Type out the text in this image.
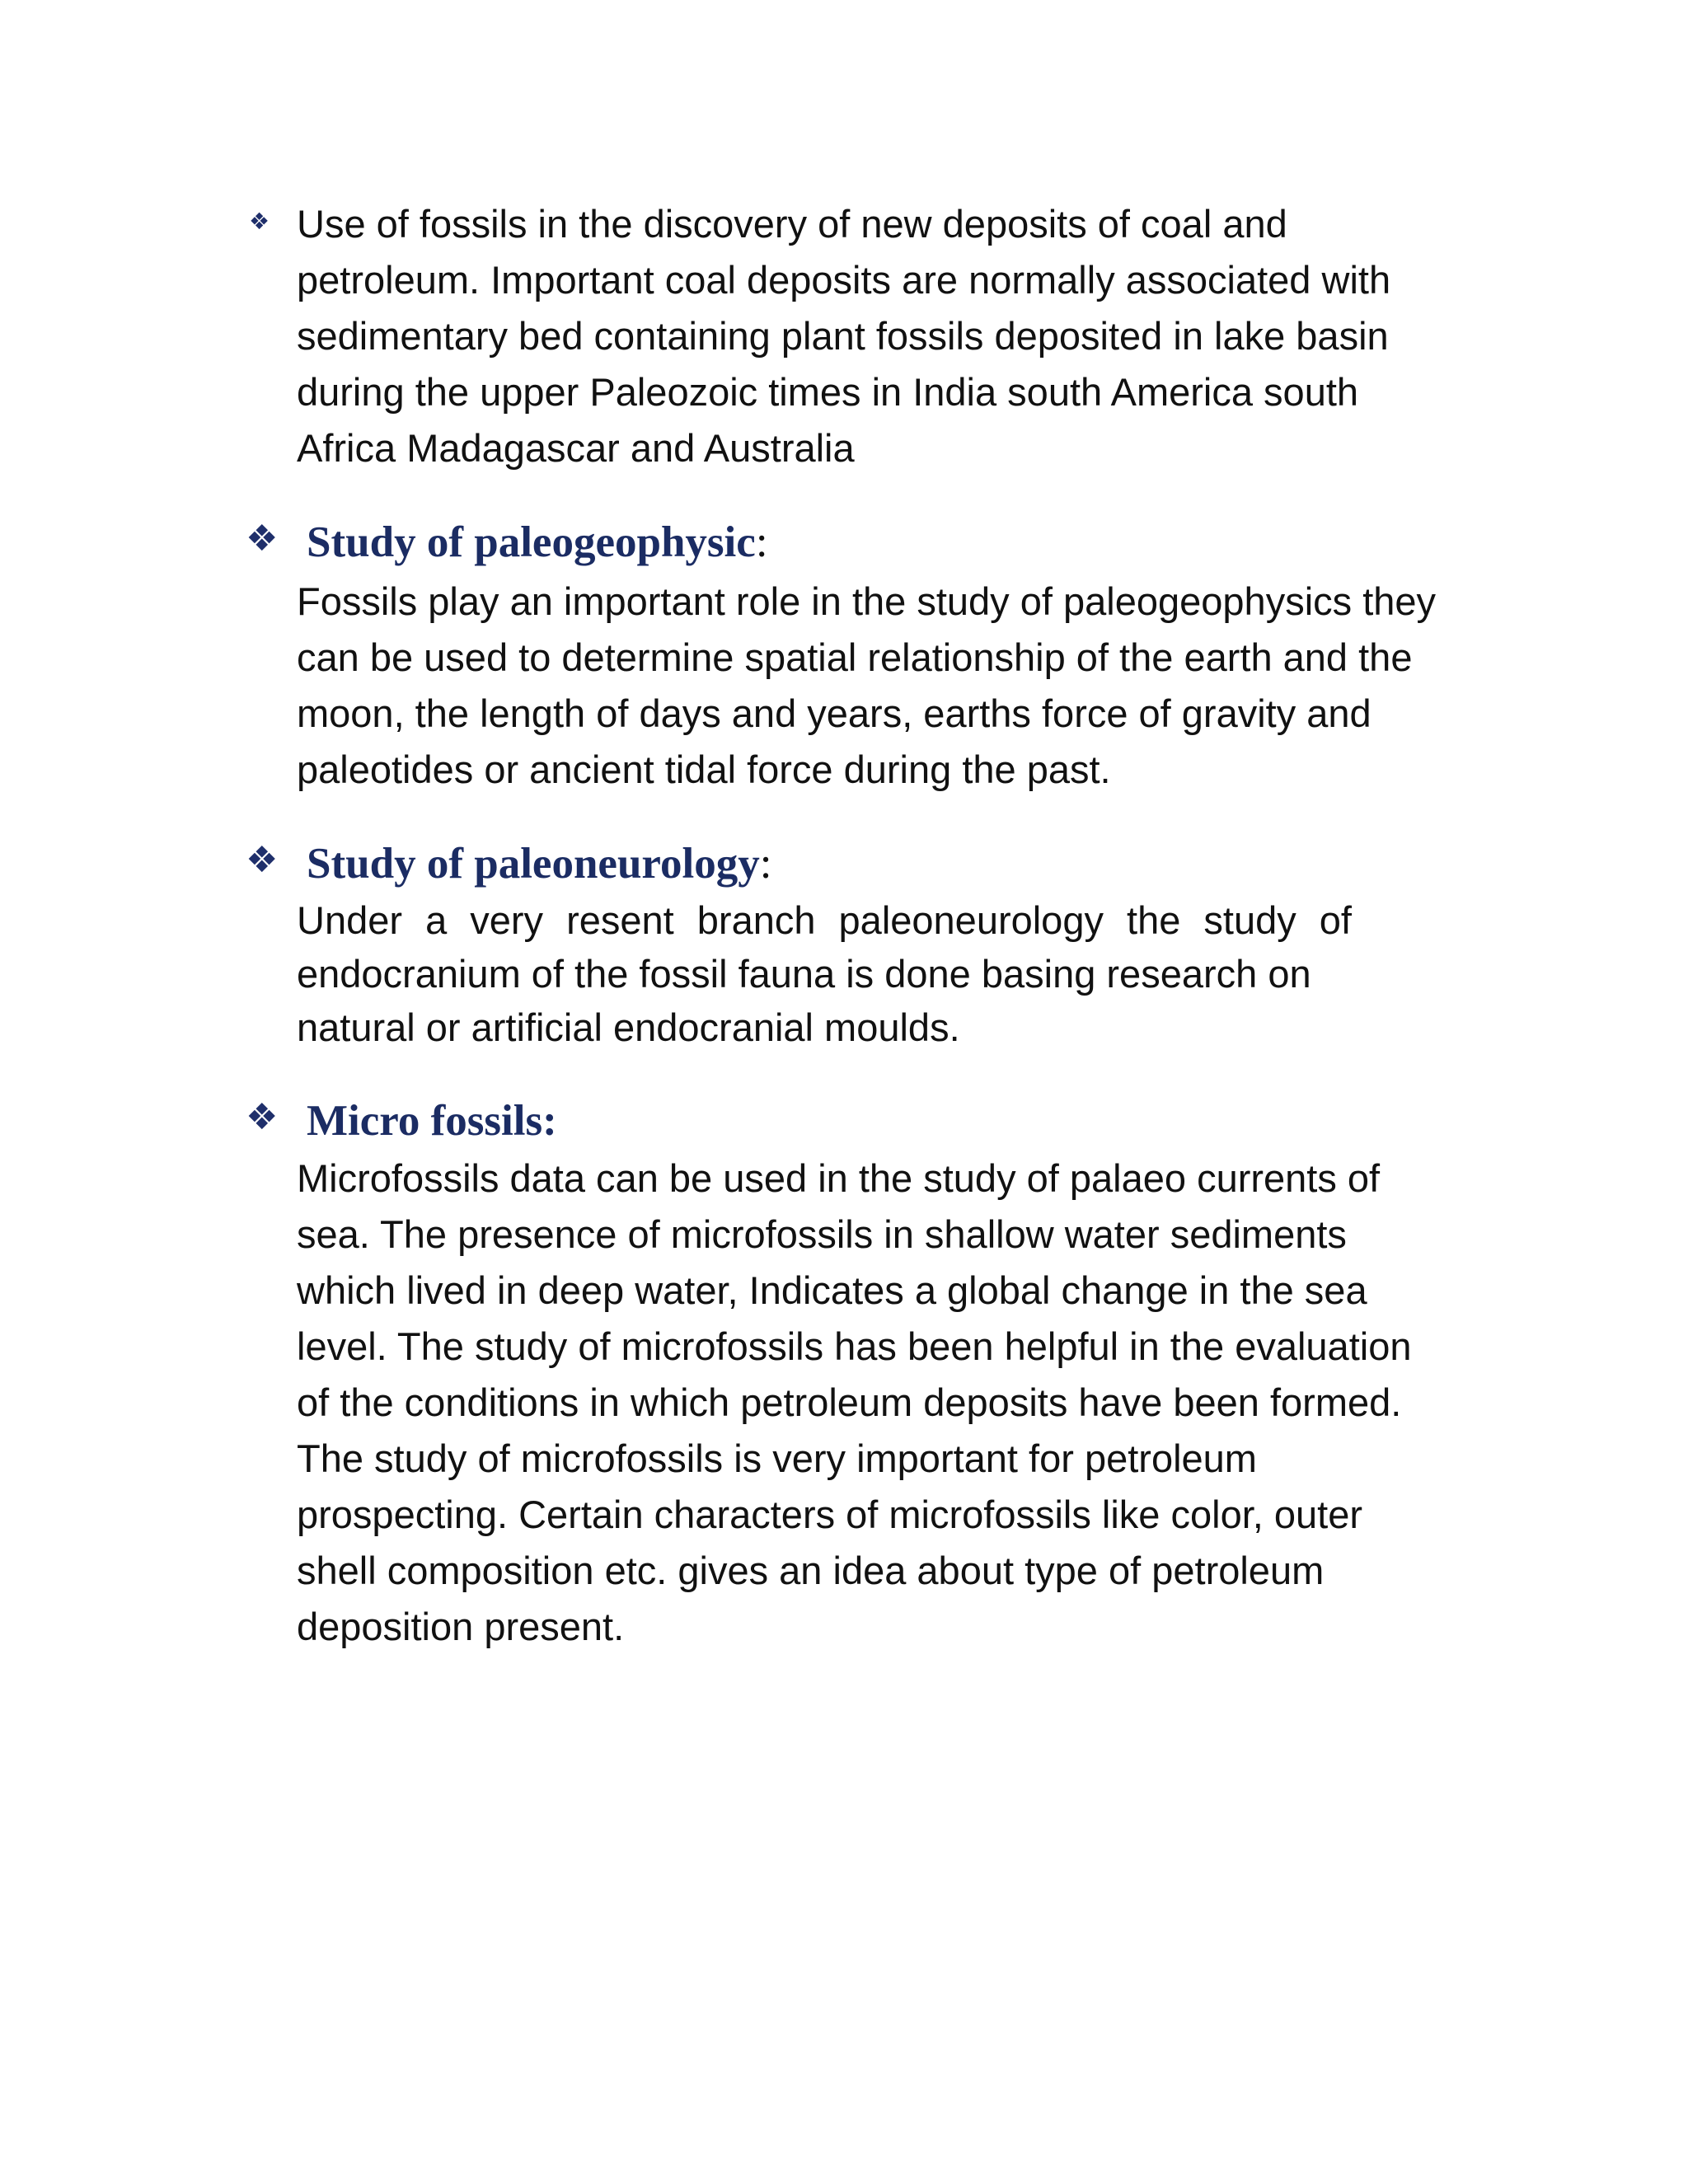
❖ Use of fossils in the discovery of new deposits of coal and
petroleum. Important coal deposits are normally associated with
sedimentary bed containing plant fossils deposited in lake basin
during the upper Paleozoic times in India south America south
Africa Madagascar and Australia
❖ Study of paleogeophysic:
Fossils play an important role in the study of paleogeophysics they
can be used to determine spatial relationship of the earth and the
moon, the length of days and years, earths force of gravity and
paleotides or ancient tidal force during the past.
❖ Study of paleoneurology:
Under a very resent branch paleoneurology the study of
endocranium of the fossil fauna is done basing research on
natural or artificial endocranial moulds.
❖ Micro fossils:
Microfossils data can be used in the study of palaeo currents of
sea. The presence of microfossils in shallow water sediments
which lived in deep water, Indicates a global change in the sea
level. The study of microfossils has been helpful in the evaluation
of the conditions in which petroleum deposits have been formed.
The study of microfossils is very important for petroleum
prospecting. Certain characters of microfossils like color, outer
shell composition etc. gives an idea about type of petroleum
deposition present.
